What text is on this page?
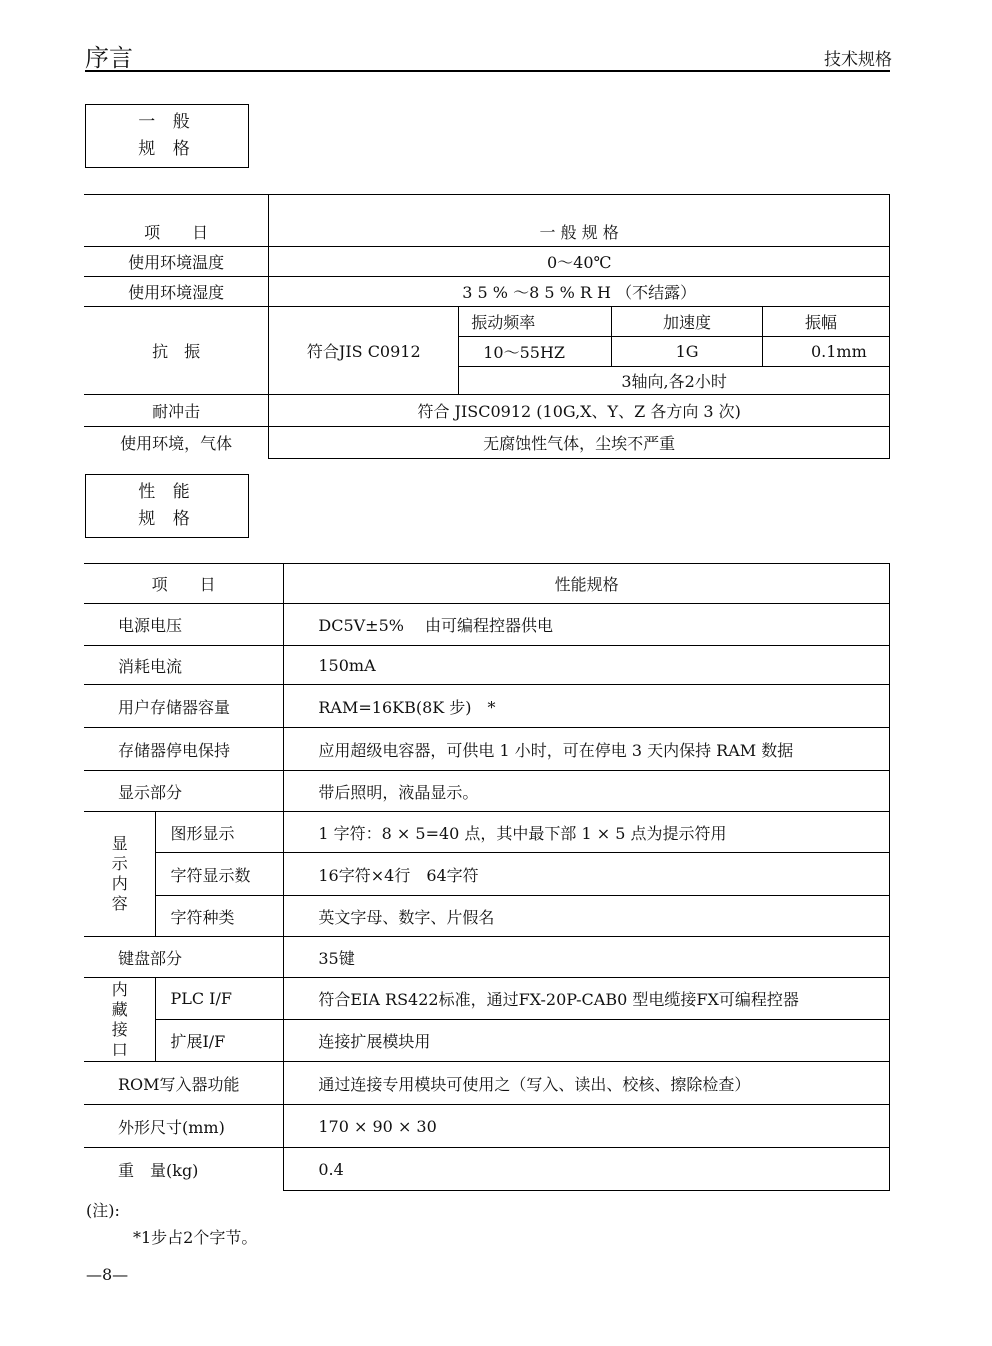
序言	技术规格
一 般
规 格
项　　日	一 般 规 格			
使用环境温度	0～40℃			
使用环境湿度	3 5 % ～8 5 % R H （不结露）			
抗　振	符合JIS C0912	振动频率	加速度	振幅
		10～55HZ	1G	0.1mm
		3轴向,各2小时		
耐冲击	符合 JISC0912 (10G,X、Y、Z 各方向 3 次)			
使用环境，气体	无腐蚀性气体，尘埃不严重			
性 能
规 格
项　　日		性能规格
电源电压		DC5V±5%　 由可编程控器供电
消耗电流		150mA
用户存储器容量		RAM=16KB(8K 步)　*
存储器停电保持		应用超级电容器，可供电 1 小时，可在停电 3 天内保持 RAM 数据
显示部分		带后照明，液晶显示。

显示内容	图形显示	1 字符：8 × 5=40 点，其中最下部 1 × 5 点为提示符用
	字符显示数	16字符×4行　64字符
	字符种类	英文字母、数字、片假名
键盘部分		35键

内藏接口	PLC I/F	符合EIA RS422标准，通过FX-20P-CAB0 型电缆接FX可编程控器
	扩展I/F	连接扩展模块用
ROM写入器功能		通过连接专用模块可使用之（写入、读出、校核、擦除检查）
外形尺寸(mm)		170 × 90 × 30
重　量(kg)		0.4
(注):
*1步占2个字节。
—8—
